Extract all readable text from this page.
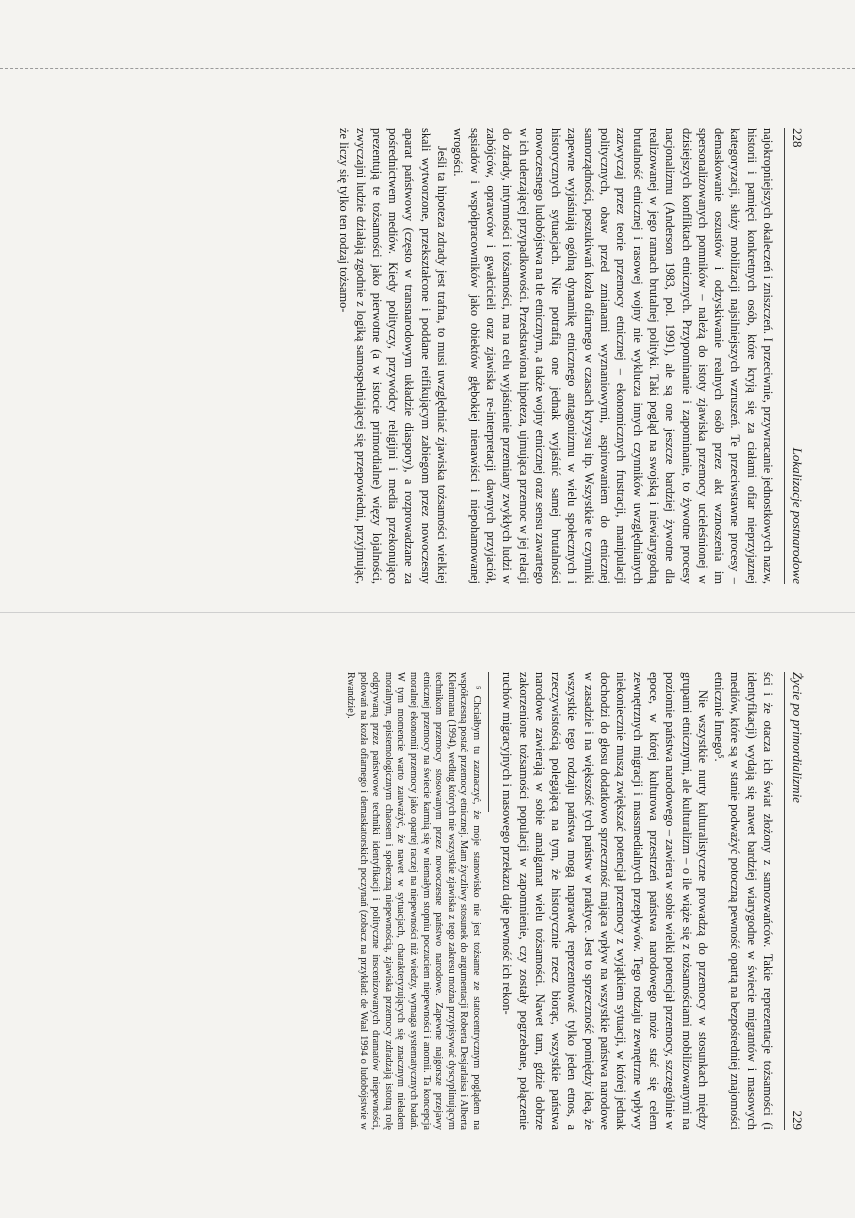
228
Lokalizacje postnarodowe

najokropniejszych okaleczeń i zniszczeń. I przeciwnie, przywracanie jednostkowych nazw, historii i pamięci konkretnych osób, które kryją się za ciałami ofiar nieprzyjaznej kategoryzacji, służy mobilizacji najsilniejszych wzruszeń. Te przeciwstawne procesy – demaskowanie oszustów i odzyskiwanie realnych osób przez akt wznoszenia im spersonalizowanych pomników – należą do istoty zjawiska przemocy ucieleśnionej w dzisiejszych konfliktach etnicznych. Przypominanie i zapominanie, to żywotne procesy nacjonalizmu (Anderson 1983, pol. 1991), ale są one jeszcze bardziej żywotne dla realizowanej w jego ramach brutalnej polityki. Taki pogląd na swojską i niewiarygodną brutalność etnicznej i rasowej wojny nie wyklucza innych czynników uwzględnianych zazwyczaj przez teorie przemocy etnicznej – ekonomicznych frustracji, manipulacji politycznych, obaw przed zmianami wyznaniowymi, aspirowaniem do etnicznej samorządności, poszukiwań kozła ofiarnego w czasach kryzysu itp. Wszystkie te czynniki zapewne wyjaśniają ogólną dynamikę etnicznego antagonizmu w wielu społecznych i historycznych sytuacjach. Nie potrafią one jednak wyjaśnić samej brutalności nowoczesnego ludobójstwa na tle etnicznym, a także wojny etnicznej oraz sensu zawartego w ich uderzającej przypadkowości. Przedstawiona hipoteza, ujmująca przemoc w jej relacji do zdrady, intymności i tożsamości, ma na celu wyjaśnienie przemiany zwykłych ludzi w zabójców, oprawców i gwałcicieli oraz zjawiska re-interpretacji dawnych przyjaciół, sąsiadów i współpracowników jako obiektów głębokiej nienawiści i niepohamowanej wrogości.

Jeśli ta hipoteza zdrady jest trafna, to musi uwzględniać zjawiska tożsamości wielkiej skali wytworzone, przekształcone i poddane reifikującym zabiegom przez nowoczesny aparat państwowy (często w transnarodowym układzie diaspory), a rozprowadzane za pośrednictwem mediów. Kiedy polityczy, przywódcy religijni i media przekonująco prezentują te tożsamości jako pierwotne (a w istocie primordialne) więzy lojalności, zwyczajni ludzie działają zgodnie z logiką samospełniającej się przepowiedni, przyjmując, że liczy się tylko ten rodzaj tożsamo-

Życie po primordializmie
229

ści i że otacza ich świat złożony z samozwańców. Takie reprezentacje tożsamości (i identyfikacji) wydają się nawet bardziej wiarygodne w świecie migrantów i masowych mediów, które są w stanie podważyć potoczną pewność opartą na bezpośredniej znajomości etnicznie Innego⁵.

Nie wszystkie nurty kulturalistyczne prowadzą do przemocy w stosunkach między grupami etnicznymi, ale kulturalizm – o ile wiąże się z tożsamościami mobilizowanymi na poziomie państwa narodowego – zawiera w sobie wielki potencjał przemocy, szczególnie w epoce, w której kulturowa przestrzeń państwa narodowego może stać się celem zewnętrznych migracji i massmedialnych przepływów. Tego rodzaju zewnętrzne wpływy niekoniecznie muszą zwiększać potencjał przemocy z wyjątkiem sytuacji, w której jednak dochodzi do głosu dodatkowo sprzeczność mająca wpływ na wszystkie państwa narodowe w zasadzie i na większość tych państw w praktyce. Jest to sprzeczność pomiędzy ideą, że wszystkie tego rodzaju państwa mogą naprawdę reprezentować tylko jeden etnos, a rzeczywistością polegającą na tym, że historycznie rzecz biorąc, wszystkie państwa narodowe zawierają w sobie amalgamat wielu tożsamości. Nawet tam, gdzie dobrze zakorzenione tożsamości populacji w zapomnienie, czy zostały pogrzebane, połączenie ruchów migracyjnych i masowego przekazu daje pewność ich rekon-

⁵ Chciałbym tu zaznaczyć, że moje stanowisko nie jest tożsame ze statocentrycznym poglądem na współczesną postać przemocy etnicznej. Mam życzliwy stosunek do argumentacji Roberta Desjarlaisa i Alberta Kleinmana (1994), według których nie wszystkie zjawiska z tego zakresu można przypisywać dyscyplinującym technikom przemocy stosowanym przez nowoczesne państwo narodowe. Zapewne najgorsze przejawy etnicznej przemocy na świecie karmią się w niemałym stopniu poczuciem niepewności i anomii. Ta koncepcja moralnej ekonomii przemocy jako opartej raczej na niepewności niż wiedzy, wymaga systematycznych badań. W tym momencie warto zauważyć, że nawet w sytuacjach, charakteryzujących się znacznym nieładem moralnym, epistemologicznym chaosem i społeczną niepewnością, zjawiska przemocy zdradzają istotną rolę odgrywaną przez państwowe techniki identyfikacji i polityczne inscenizowanych dramatów niepewności, polowań na kozła ofiarnego i demaskatorskich poczynań (zobacz na przykład: de Waal 1994 o ludobójstwie w Rwandzie).
